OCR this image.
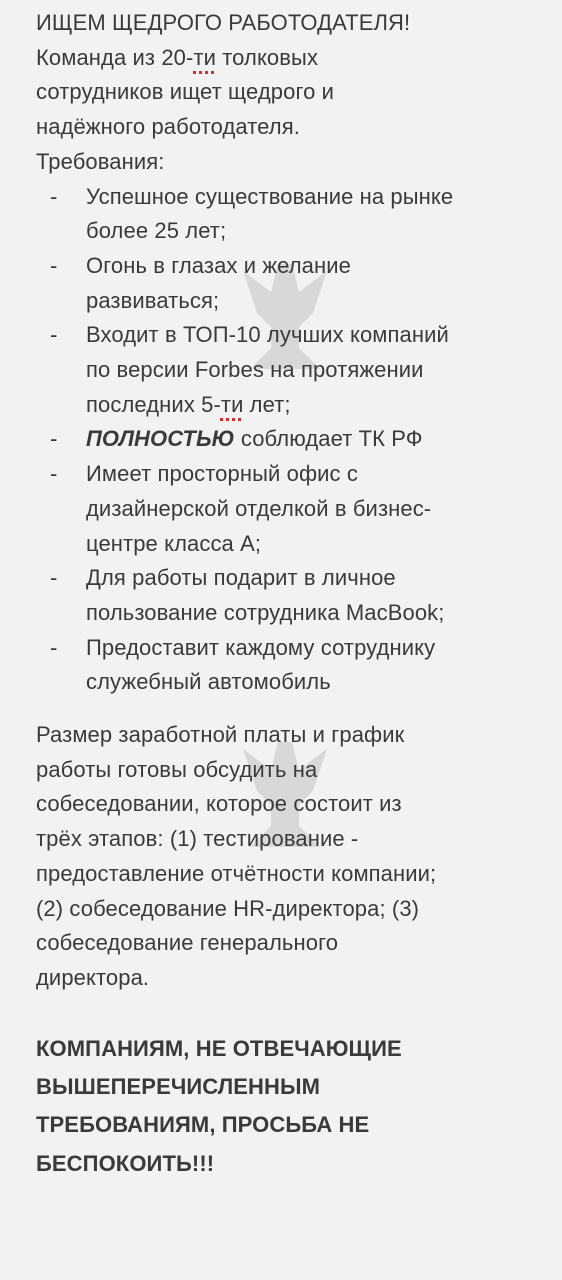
ИЩЕМ ЩЕДРОГО РАБОТОДАТЕЛЯ!
Команда из 20-ти толковых
сотрудников ищет щедрого и
надёжного работодателя.
Требования:
- Успешное существование на рынке
более 25 лет;
- Огонь в глазах и желание
развиваться;
- Входит в ТОП-10 лучших компаний
по версии Forbes на протяжении
последних 5-ти лет;
- ПОЛНОСТЬЮ соблюдает ТК РФ
- Имеет просторный офис с
дизайнерской отделкой в бизнес-
центре класса А;
- Для работы подарит в личное
пользование сотрудника MacBook;
- Предоставит каждому сотруднику
служебный автомобиль
Размер заработной платы и график
работы готовы обсудить на
собеседовании, которое состоит из
трёх этапов: (1) тестирование -
предоставление отчётности компании;
(2) собеседование HR-директора; (3)
собеседование генерального
директора.
КОМПАНИЯМ, НЕ ОТВЕЧАЮЩИЕ
ВЫШЕПЕРЕЧИСЛЕННЫМ
ТРЕБОВАНИЯМ, ПРОСЬБА НЕ
БЕСПОКОИТЬ!!!
